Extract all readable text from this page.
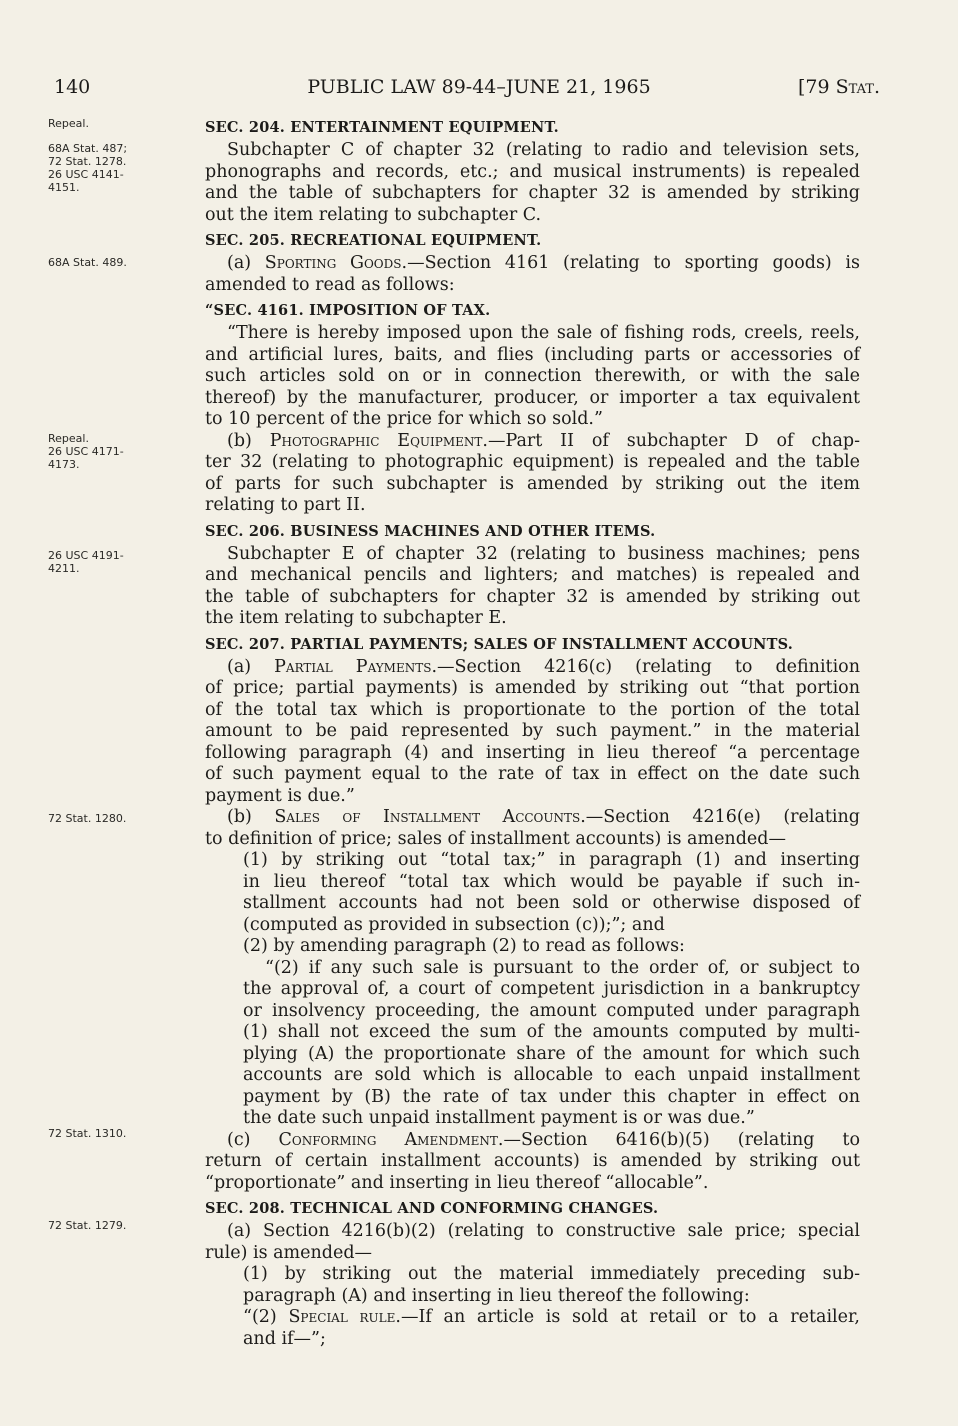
140	PUBLIC LAW 89-44–JUNE 21, 1965	[79 Stat.
Repeal.
68A Stat. 487;
72 Stat. 1278.
26 USC 4141-
4151.
68A Stat. 489.
Repeal.
26 USC 4171-
4173.
26 USC 4191-
4211.
72 Stat. 1280.
72 Stat. 1310.
72 Stat. 1279.
SEC. 204. ENTERTAINMENT EQUIPMENT.
Subchapter C of chapter 32 (relating to radio and television sets,
phonographs and records, etc.; and musical instruments) is repealed
and the table of subchapters for chapter 32 is amended by striking
out the item relating to subchapter C.
SEC. 205. RECREATIONAL EQUIPMENT.
(a) Sporting Goods.—Section 4161 (relating to sporting goods) is
amended to read as follows:
“SEC. 4161. IMPOSITION OF TAX.
“There is hereby imposed upon the sale of fishing rods, creels, reels,
and artificial lures, baits, and flies (including parts or accessories of
such articles sold on or in connection therewith, or with the sale
thereof) by the manufacturer, producer, or importer a tax equivalent
to 10 percent of the price for which so sold.”
(b) Photographic Equipment.—Part II of subchapter D of chap-
ter 32 (relating to photographic equipment) is repealed and the table
of parts for such subchapter is amended by striking out the item
relating to part II.
SEC. 206. BUSINESS MACHINES AND OTHER ITEMS.
Subchapter E of chapter 32 (relating to business machines; pens
and mechanical pencils and lighters; and matches) is repealed and
the table of subchapters for chapter 32 is amended by striking out
the item relating to subchapter E.
SEC. 207. PARTIAL PAYMENTS; SALES OF INSTALLMENT ACCOUNTS.
(a) Partial Payments.—Section 4216(c) (relating to definition
of price; partial payments) is amended by striking out “that portion
of the total tax which is proportionate to the portion of the total
amount to be paid represented by such payment.” in the material
following paragraph (4) and inserting in lieu thereof “a percentage
of such payment equal to the rate of tax in effect on the date such
payment is due.”
(b) Sales of Installment Accounts.—Section 4216(e) (relating
to definition of price; sales of installment accounts) is amended—
(1) by striking out “total tax;” in paragraph (1) and inserting
in lieu thereof “total tax which would be payable if such in-
stallment accounts had not been sold or otherwise disposed of
(computed as provided in subsection (c));”; and
(2) by amending paragraph (2) to read as follows:
“(2) if any such sale is pursuant to the order of, or subject to
the approval of, a court of competent jurisdiction in a bankruptcy
or insolvency proceeding, the amount computed under paragraph
(1) shall not exceed the sum of the amounts computed by multi-
plying (A) the proportionate share of the amount for which such
accounts are sold which is allocable to each unpaid installment
payment by (B) the rate of tax under this chapter in effect on
the date such unpaid installment payment is or was due.”
(c) Conforming Amendment.—Section 6416(b)(5) (relating to
return of certain installment accounts) is amended by striking out
“proportionate” and inserting in lieu thereof “allocable”.
SEC. 208. TECHNICAL AND CONFORMING CHANGES.
(a) Section 4216(b)(2) (relating to constructive sale price; special
rule) is amended—
(1) by striking out the material immediately preceding sub-
paragraph (A) and inserting in lieu thereof the following:
“(2) Special rule.—If an article is sold at retail or to a retailer,
and if—”;
